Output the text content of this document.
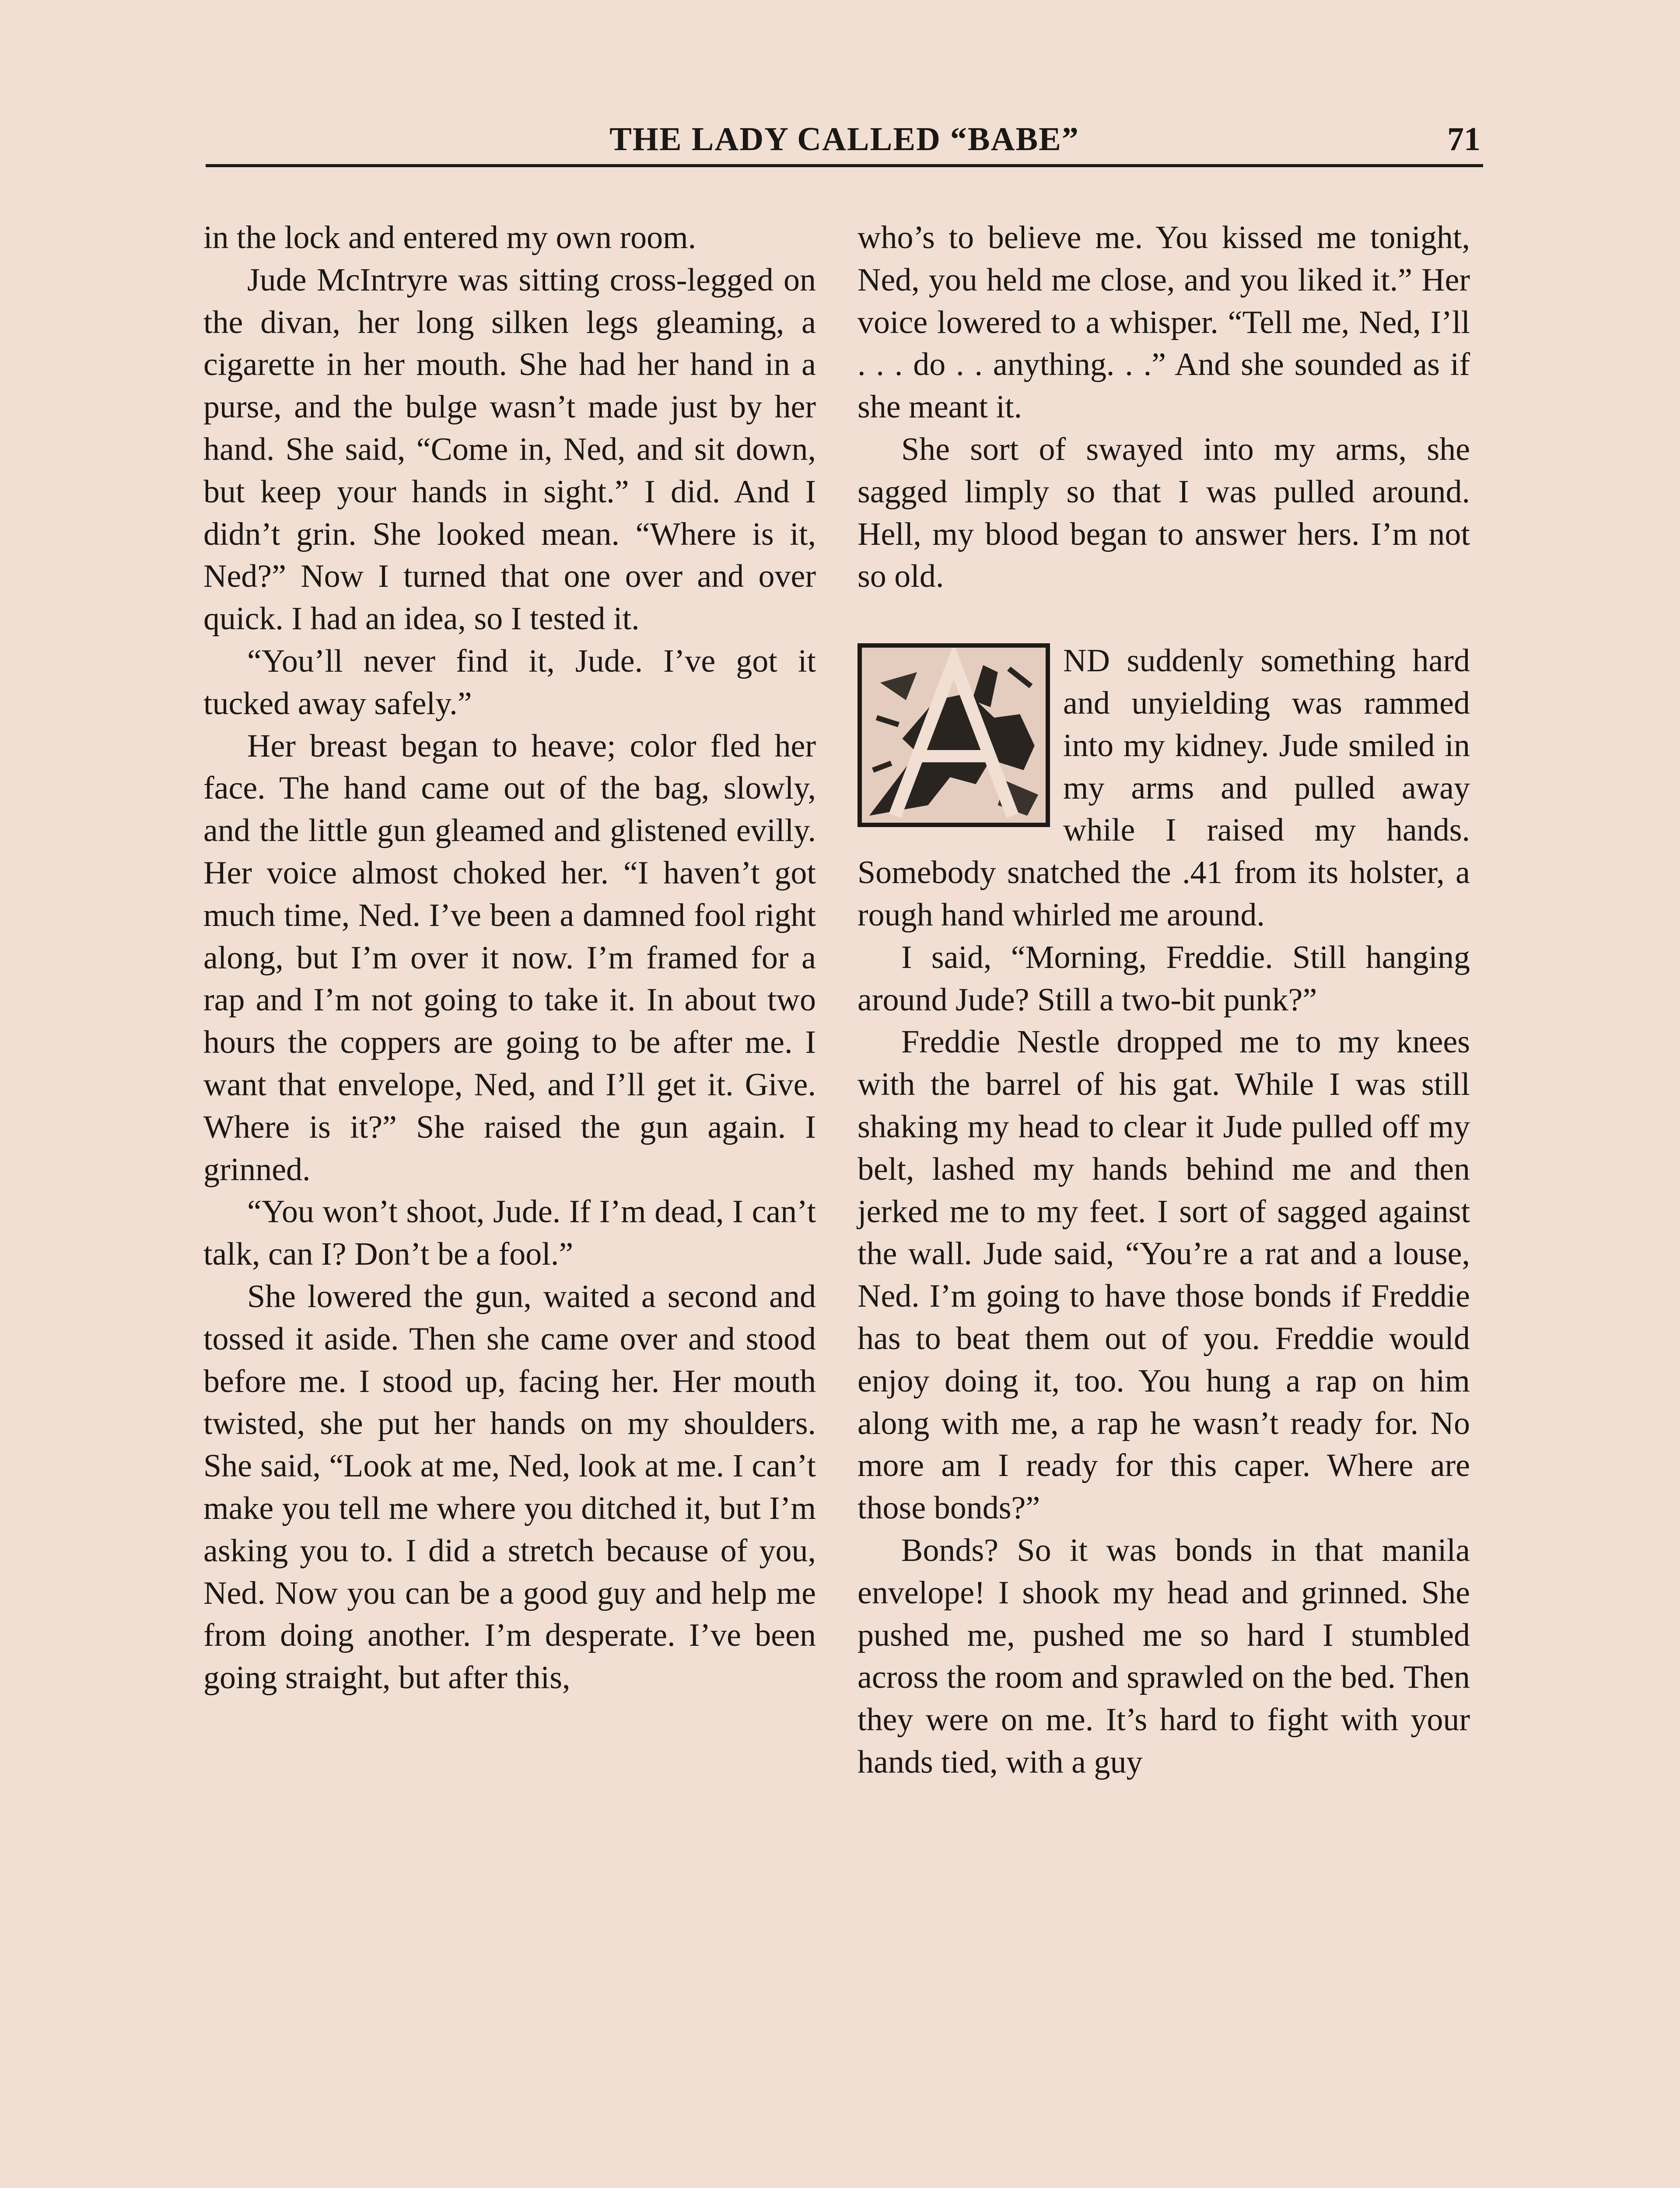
THE LADY CALLED “BABE”	71

in the lock and entered my own room.

Jude McIntryre was sitting cross-legged on the divan, her long silken legs gleaming, a cigarette in her mouth. She had her hand in a purse, and the bulge wasn’t made just by her hand. She said, “Come in, Ned, and sit down, but keep your hands in sight.” I did. And I didn’t grin. She looked mean. “Where is it, Ned?” Now I turned that one over and over quick. I had an idea, so I tested it.

“You’ll never find it, Jude. I’ve got it tucked away safely.”

Her breast began to heave; color fled her face. The hand came out of the bag, slowly, and the little gun gleamed and glistened evilly. Her voice almost choked her. “I haven’t got much time, Ned. I’ve been a damned fool right along, but I’m over it now. I’m framed for a rap and I’m not going to take it. In about two hours the coppers are going to be after me. I want that envelope, Ned, and I’ll get it. Give. Where is it?” She raised the gun again. I grinned.

“You won’t shoot, Jude. If I’m dead, I can’t talk, can I? Don’t be a fool.”

She lowered the gun, waited a second and tossed it aside. Then she came over and stood before me. I stood up, facing her. Her mouth twisted, she put her hands on my shoulders. She said, “Look at me, Ned, look at me. I can’t make you tell me where you ditched it, but I’m asking you to. I did a stretch because of you, Ned. Now you can be a good guy and help me from doing another. I’m desperate. I’ve been going straight, but after this,

who’s to believe me. You kissed me tonight, Ned, you held me close, and you liked it.” Her voice lowered to a whisper. “Tell me, Ned, I’ll . . . do . . anything. . .” And she sounded as if she meant it.

She sort of swayed into my arms, she sagged limply so that I was pulled around. Hell, my blood began to answer hers. I’m not so old.

ND suddenly something hard and unyielding was rammed into my kidney. Jude smiled in my arms and pulled away while I raised my hands. Somebody snatched the .41 from its holster, a rough hand whirled me around.

I said, “Morning, Freddie. Still hanging around Jude? Still a two-bit punk?”

Freddie Nestle dropped me to my knees with the barrel of his gat. While I was still shaking my head to clear it Jude pulled off my belt, lashed my hands behind me and then jerked me to my feet. I sort of sagged against the wall. Jude said, “You’re a rat and a louse, Ned. I’m going to have those bonds if Freddie has to beat them out of you. Freddie would enjoy doing it, too. You hung a rap on him along with me, a rap he wasn’t ready for. No more am I ready for this caper. Where are those bonds?”

Bonds? So it was bonds in that manila envelope! I shook my head and grinned. She pushed me, pushed me so hard I stumbled across the room and sprawled on the bed. Then they were on me. It’s hard to fight with your hands tied, with a guy
